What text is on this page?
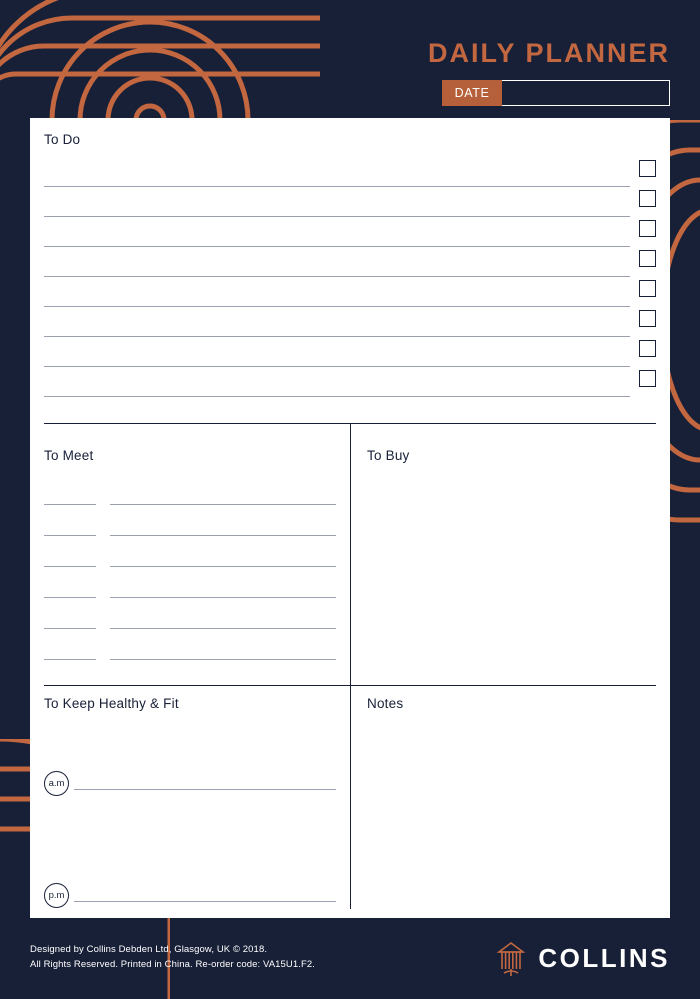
DAILY PLANNER
DATE
To Do
To Meet	To Buy
To Keep Healthy & Fit	Notes
a.m
p.m
Designed by Collins Debden Ltd, Glasgow, UK © 2018.
All Rights Reserved. Printed in China. Re-order code: VA15U1.F2.	COLLINS
